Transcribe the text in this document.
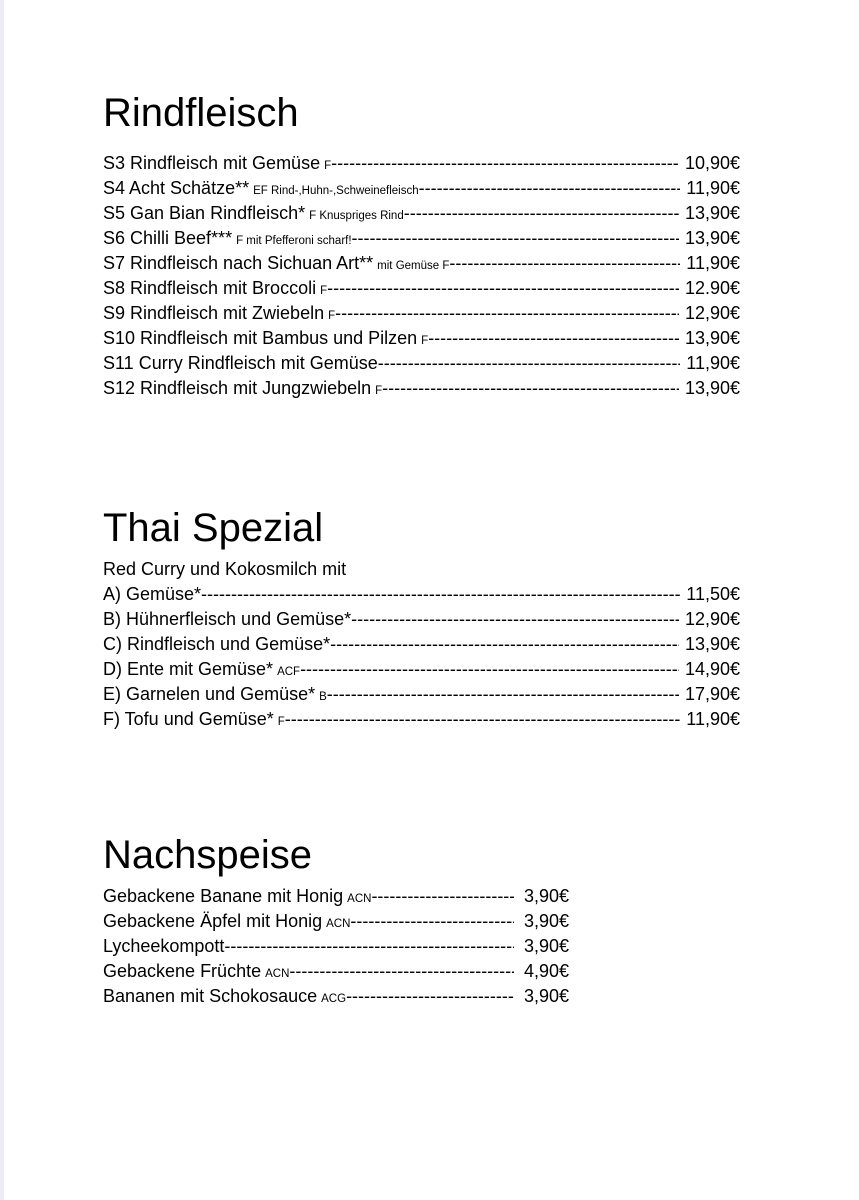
Rindfleisch
S3 Rindfleisch mit Gemüse F -----	10,90€
S4 Acht Schätze** EF Rind-,Huhn-,Schweinefleisch -----	11,90€
S5 Gan Bian Rindfleisch* F Knuspriges Rind -----	13,90€
S6 Chilli Beef*** F mit Pfefferoni scharf! -----	13,90€
S7 Rindfleisch nach Sichuan Art** mit Gemüse F -----	11,90€
S8 Rindfleisch mit Broccoli F -----	12.90€
S9 Rindfleisch mit Zwiebeln F -----	12,90€
S10 Rindfleisch mit Bambus und Pilzen F -----	13,90€
S11 Curry Rindfleisch mit Gemüse -----	11,90€
S12 Rindfleisch mit Jungzwiebeln F -----	13,90€
Thai Spezial
Red Curry und Kokosmilch mit
A) Gemüse* -----	11,50€
B) Hühnerfleisch und Gemüse* -----	12,90€
C) Rindfleisch und Gemüse* -----	13,90€
D) Ente mit Gemüse* ACF -----	14,90€
E) Garnelen und Gemüse* B -----	17,90€
F) Tofu und Gemüse* F -----	11,90€
Nachspeise
Gebackene Banane mit Honig ACN -----	3,90€
Gebackene Äpfel mit Honig ACN -----	3,90€
Lycheekompott -----	3,90€
Gebackene Früchte ACN -----	4,90€
Bananen mit Schokosauce ACG -----	3,90€
